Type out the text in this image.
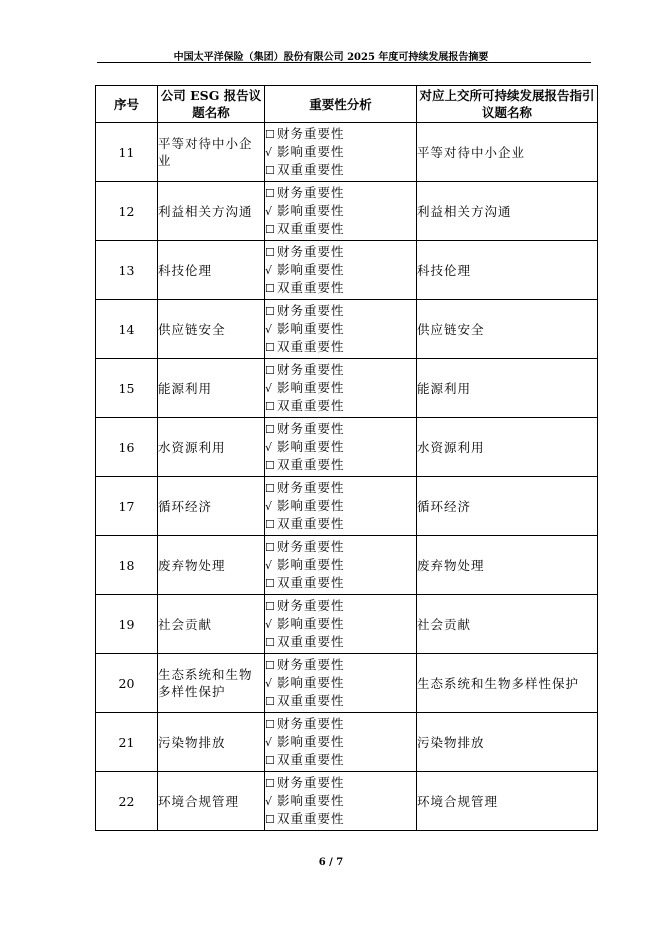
中国太平洋保险（集团）股份有限公司 2025 年度可持续发展报告摘要
序号	公司 ESG 报告议题名称	重要性分析	对应上交所可持续发展报告指引议题名称
11	平等对待中小企业	☐ 财务重要性
√ 影响重要性
☐ 双重重要性	平等对待中小企业
12	利益相关方沟通	☐ 财务重要性
√ 影响重要性
☐ 双重重要性	利益相关方沟通
13	科技伦理	☐ 财务重要性
√ 影响重要性
☐ 双重重要性	科技伦理
14	供应链安全	☐ 财务重要性
√ 影响重要性
☐ 双重重要性	供应链安全
15	能源利用	☐ 财务重要性
√ 影响重要性
☐ 双重重要性	能源利用
16	水资源利用	☐ 财务重要性
√ 影响重要性
☐ 双重重要性	水资源利用
17	循环经济	☐ 财务重要性
√ 影响重要性
☐ 双重重要性	循环经济
18	废弃物处理	☐ 财务重要性
√ 影响重要性
☐ 双重重要性	废弃物处理
19	社会贡献	☐ 财务重要性
√ 影响重要性
☐ 双重重要性	社会贡献
20	生态系统和生物多样性保护	☐ 财务重要性
√ 影响重要性
☐ 双重重要性	生态系统和生物多样性保护
21	污染物排放	☐ 财务重要性
√ 影响重要性
☐ 双重重要性	污染物排放
22	环境合规管理	☐ 财务重要性
√ 影响重要性
☐ 双重重要性	环境合规管理
6 / 7
